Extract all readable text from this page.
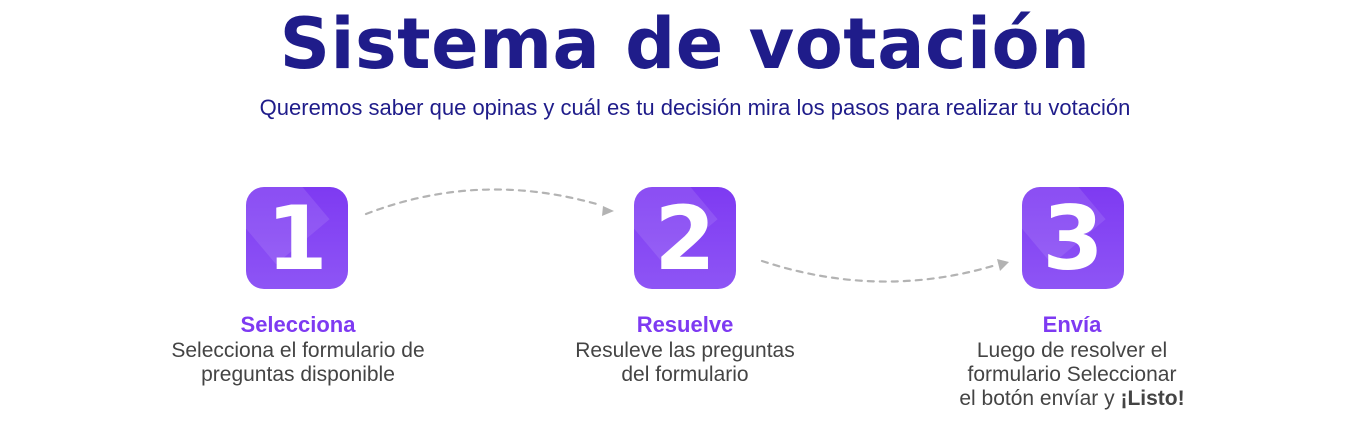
Sistema de votación

Queremos saber que opinas y cuál es tu decisión mira los pasos para realizar tu votación

1	2	3
Selecciona
Selecciona el formulario de
preguntas disponible
Resuelve
Resuleve las preguntas
del formulario
Envía
Luego de resolver el
formulario Seleccionar
el botón envíar y ¡Listo!
